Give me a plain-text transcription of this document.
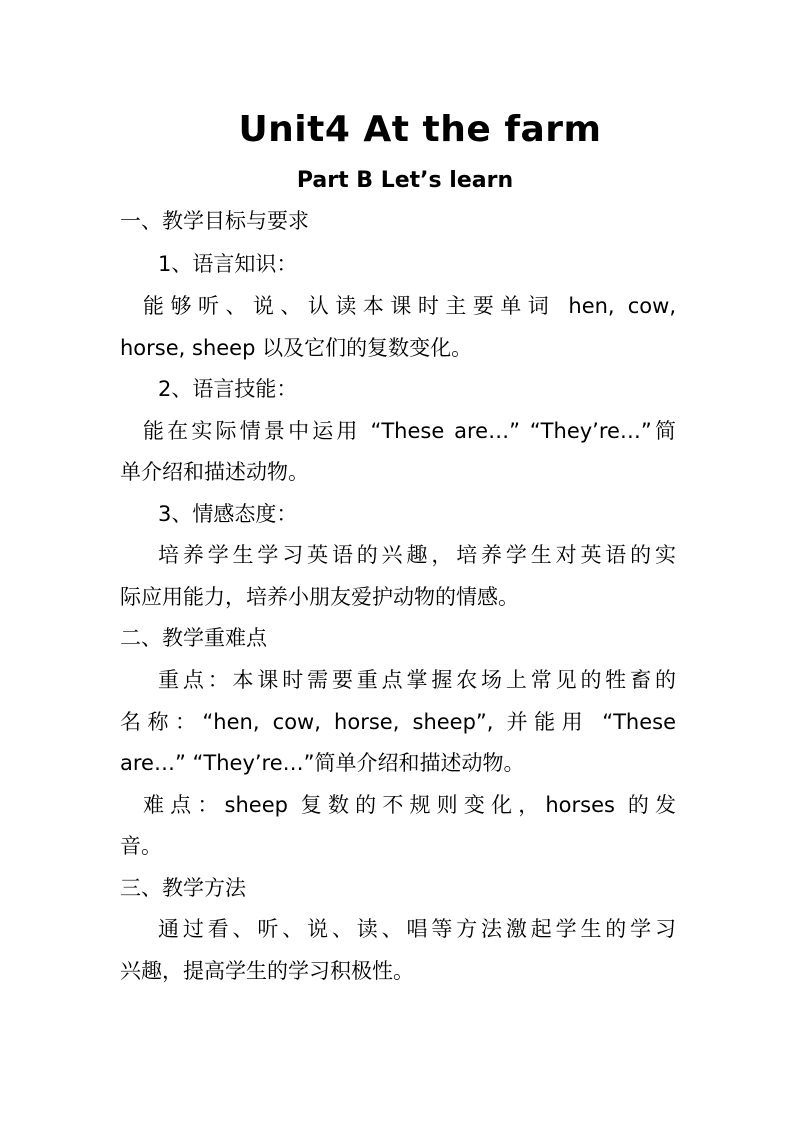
Unit4 At the farm
Part B Let’s learn
一、教学目标与要求
1、语言知识：
能够听、说、认读本课时主要单词 hen, cow,
horse, sheep 以及它们的复数变化。
2、语言技能：
能在实际情景中运用 “These are…” “They’re…”简
单介绍和描述动物。
3、情感态度：
培养学生学习英语的兴趣，培养学生对英语的实
际应用能力，培养小朋友爱护动物的情感。
二、教学重难点
重点：本课时需要重点掌握农场上常见的牲畜的
名称：“hen, cow, horse, sheep”, 并能用 “These
are…” “They’re…”简单介绍和描述动物。
难点：sheep 复数的不规则变化，horses 的发
音。
三、教学方法
通过看、听、说、读、唱等方法激起学生的学习
兴趣，提高学生的学习积极性。
